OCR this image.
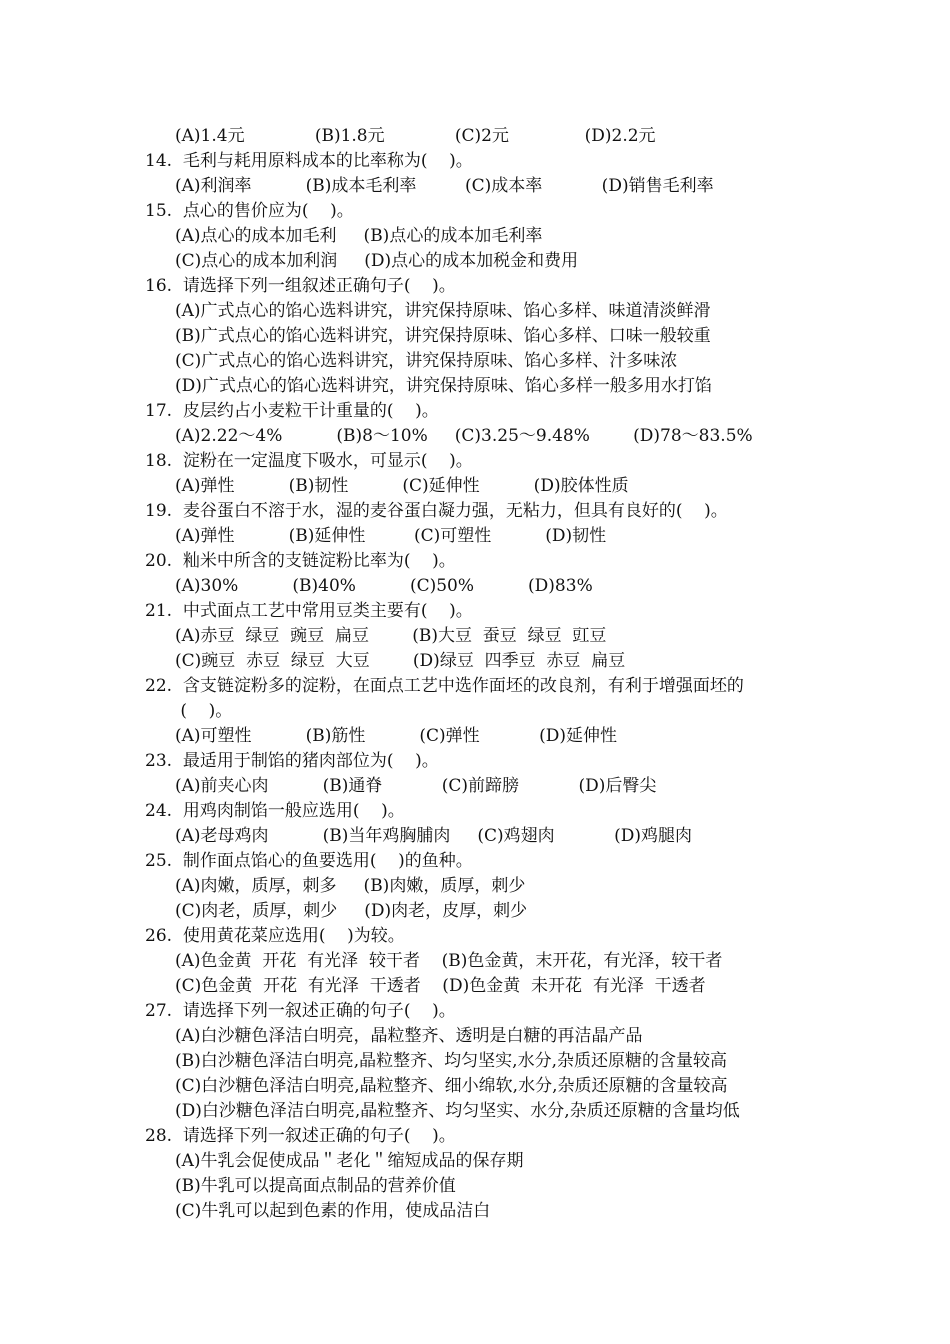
(A)1.4元             (B)1.8元             (C)2元              (D)2.2元
14.  毛利与耗用原料成本的比率称为(    )。
(A)利润率          (B)成本毛利率         (C)成本率           (D)销售毛利率
15.  点心的售价应为(    )。
(A)点心的成本加毛利     (B)点心的成本加毛利率
(C)点心的成本加利润     (D)点心的成本加税金和费用
16.  请选择下列一组叙述正确句子(    )。
(A)广式点心的馅心选料讲究，讲究保持原味、馅心多样、味道清淡鲜滑
(B)广式点心的馅心选料讲究，讲究保持原味、馅心多样、口味一般较重
(C)广式点心的馅心选料讲究，讲究保持原味、馅心多样、汁多味浓
(D)广式点心的馅心选料讲究，讲究保持原味、馅心多样一般多用水打馅
17.  皮层约占小麦粒干计重量的(    )。
(A)2.22～4%          (B)8～10%     (C)3.25～9.48%        (D)78～83.5%
18.  淀粉在一定温度下吸水，可显示(    )。
(A)弹性          (B)韧性          (C)延伸性          (D)胶体性质
19.  麦谷蛋白不溶于水，湿的麦谷蛋白凝力强，无粘力，但具有良好的(    )。
(A)弹性          (B)延伸性         (C)可塑性          (D)韧性
20.  籼米中所含的支链淀粉比率为(    )。
(A)30%          (B)40%          (C)50%          (D)83%
21.  中式面点工艺中常用豆类主要有(    )。
(A)赤豆  绿豆  豌豆  扁豆        (B)大豆  蚕豆  绿豆  豇豆
(C)豌豆  赤豆  绿豆  大豆        (D)绿豆  四季豆  赤豆  扁豆
22.  含支链淀粉多的淀粉，在面点工艺中选作面坯的改良剂，有利于增强面坯的
(    )。
(A)可塑性          (B)筋性          (C)弹性           (D)延伸性
23.  最适用于制馅的猪肉部位为(    )。
(A)前夹心肉          (B)通脊           (C)前蹄膀           (D)后臀尖
24.  用鸡肉制馅一般应选用(    )。
(A)老母鸡肉          (B)当年鸡胸脯肉     (C)鸡翅肉           (D)鸡腿肉
25.  制作面点馅心的鱼要选用(    )的鱼种。
(A)肉嫩，质厚，刺多     (B)肉嫩，质厚，刺少
(C)肉老，质厚，刺少     (D)肉老，皮厚，刺少
26.  使用黄花菜应选用(    )为较。
(A)色金黄  开花  有光泽  较干者    (B)色金黄，末开花，有光泽，较干者
(C)色金黄  开花  有光泽  干透者    (D)色金黄  未开花  有光泽  干透者
27.  请选择下列一叙述正确的句子(    )。
(A)白沙糖色泽洁白明亮，晶粒整齐、透明是白糖的再洁晶产品
(B)白沙糖色泽洁白明亮,晶粒整齐、均匀坚实,水分,杂质还原糖的含量较高
(C)白沙糖色泽洁白明亮,晶粒整齐、细小绵软,水分,杂质还原糖的含量较高
(D)白沙糖色泽洁白明亮,晶粒整齐、均匀坚实、水分,杂质还原糖的含量均低
28.  请选择下列一叙述正确的句子(    )。
(A)牛乳会促使成品＂老化＂缩短成品的保存期
(B)牛乳可以提高面点制品的营养价值
(C)牛乳可以起到色素的作用，使成品洁白
